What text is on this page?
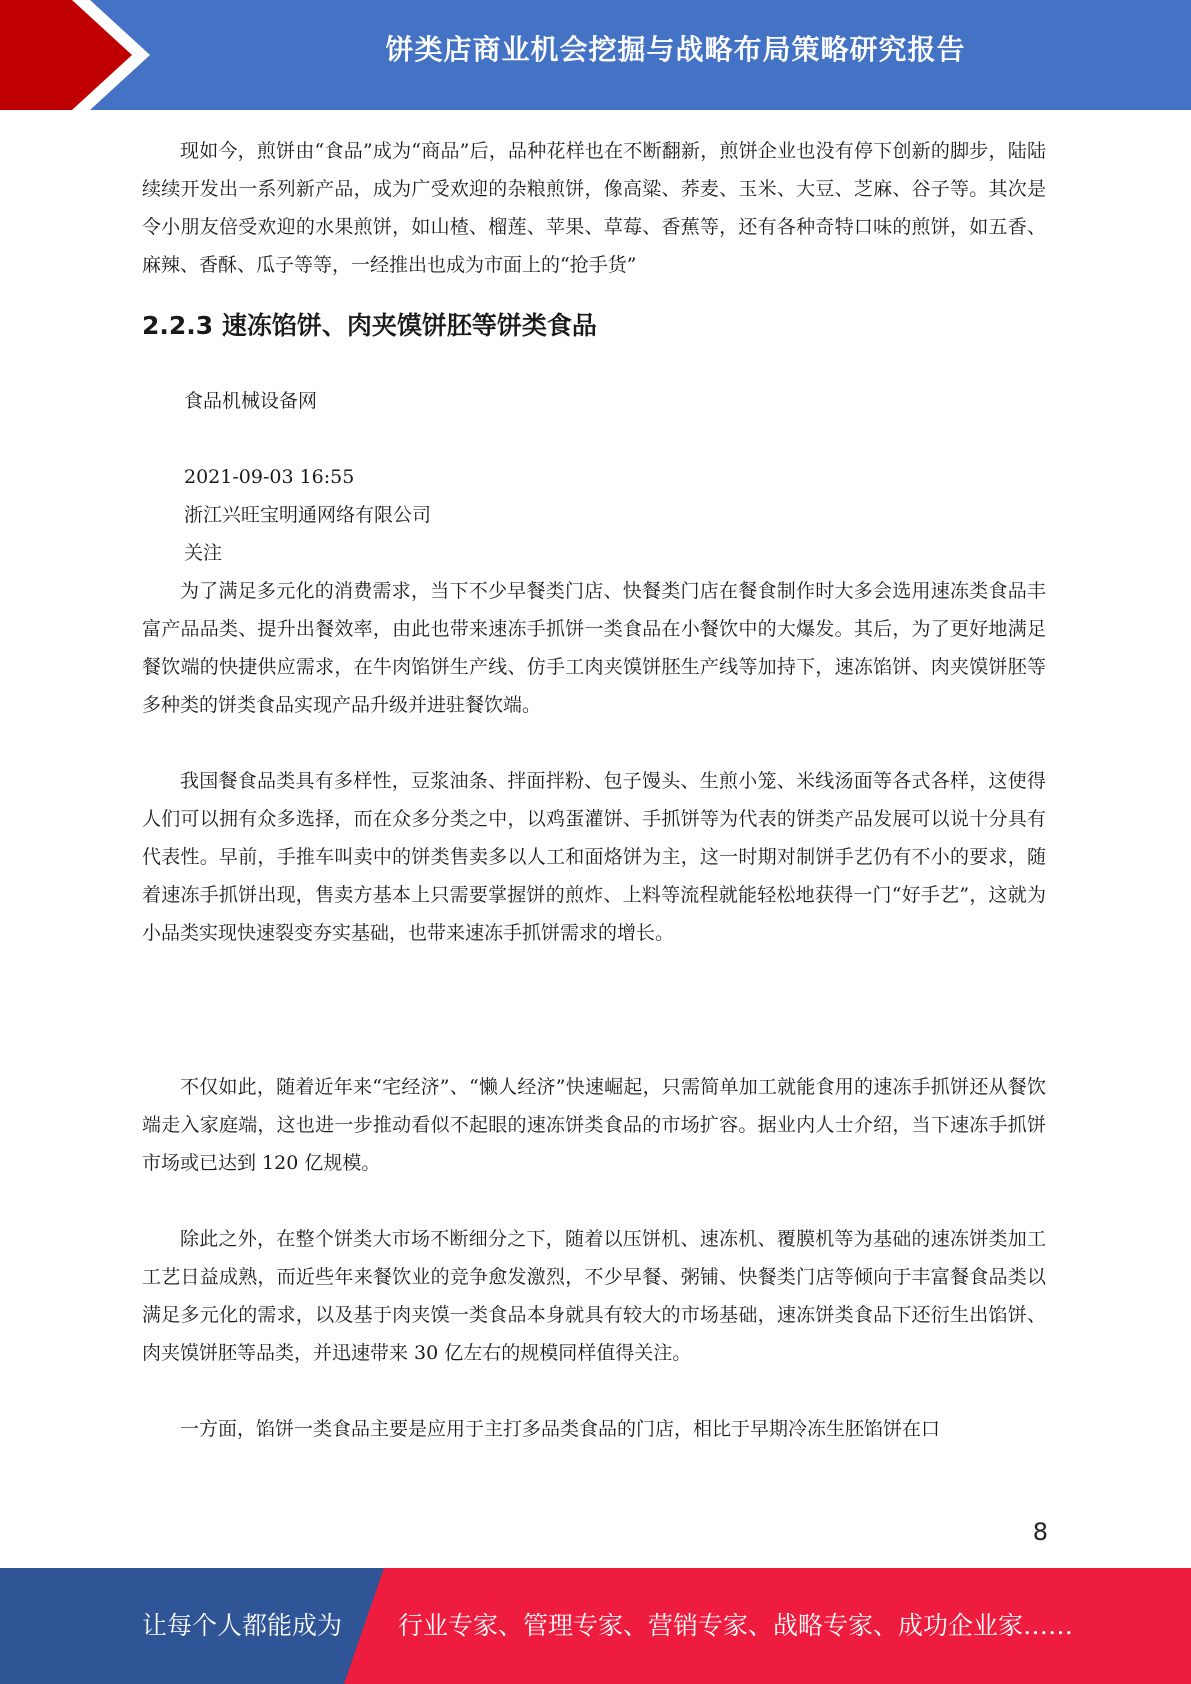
饼类店商业机会挖掘与战略布局策略研究报告

现如今，煎饼由“食品”成为“商品”后，品种花样也在不断翻新，煎饼企业也没有停下创新的脚步，陆陆续续开发出一系列新产品，成为广受欢迎的杂粮煎饼，像高粱、荞麦、玉米、大豆、芝麻、谷子等。其次是令小朋友倍受欢迎的水果煎饼，如山楂、榴莲、苹果、草莓、香蕉等，还有各种奇特口味的煎饼，如五香、麻辣、香酥、瓜子等等，一经推出也成为市面上的“抢手货”

2.2.3 速冻馅饼、肉夹馍饼胚等饼类食品

食品机械设备网

2021-09-03 16:55

浙江兴旺宝明通网络有限公司

关注

为了满足多元化的消费需求，当下不少早餐类门店、快餐类门店在餐食制作时大多会选用速冻类食品丰富产品品类、提升出餐效率，由此也带来速冻手抓饼一类食品在小餐饮中的大爆发。其后，为了更好地满足餐饮端的快捷供应需求，在牛肉馅饼生产线、仿手工肉夹馍饼胚生产线等加持下，速冻馅饼、肉夹馍饼胚等多种类的饼类食品实现产品升级并进驻餐饮端。

我国餐食品类具有多样性，豆浆油条、拌面拌粉、包子馒头、生煎小笼、米线汤面等各式各样，这使得人们可以拥有众多选择，而在众多分类之中，以鸡蛋灌饼、手抓饼等为代表的饼类产品发展可以说十分具有代表性。早前，手推车叫卖中的饼类售卖多以人工和面烙饼为主，这一时期对制饼手艺仍有不小的要求，随着速冻手抓饼出现，售卖方基本上只需要掌握饼的煎炸、上料等流程就能轻松地获得一门“好手艺”，这就为小品类实现快速裂变夯实基础，也带来速冻手抓饼需求的增长。

不仅如此，随着近年来“宅经济”、“懒人经济”快速崛起，只需简单加工就能食用的速冻手抓饼还从餐饮端走入家庭端，这也进一步推动看似不起眼的速冻饼类食品的市场扩容。据业内人士介绍，当下速冻手抓饼市场或已达到 120 亿规模。

除此之外，在整个饼类大市场不断细分之下，随着以压饼机、速冻机、覆膜机等为基础的速冻饼类加工工艺日益成熟，而近些年来餐饮业的竞争愈发激烈，不少早餐、粥铺、快餐类门店等倾向于丰富餐食品类以满足多元化的需求，以及基于肉夹馍一类食品本身就具有较大的市场基础，速冻饼类食品下还衍生出馅饼、肉夹馍饼胚等品类，并迅速带来 30 亿左右的规模同样值得关注。

一方面，馅饼一类食品主要是应用于主打多品类食品的门店，相比于早期冷冻生胚馅饼在口

8
让每个人都能成为 行业专家、管理专家、营销专家、战略专家、成功企业家……
